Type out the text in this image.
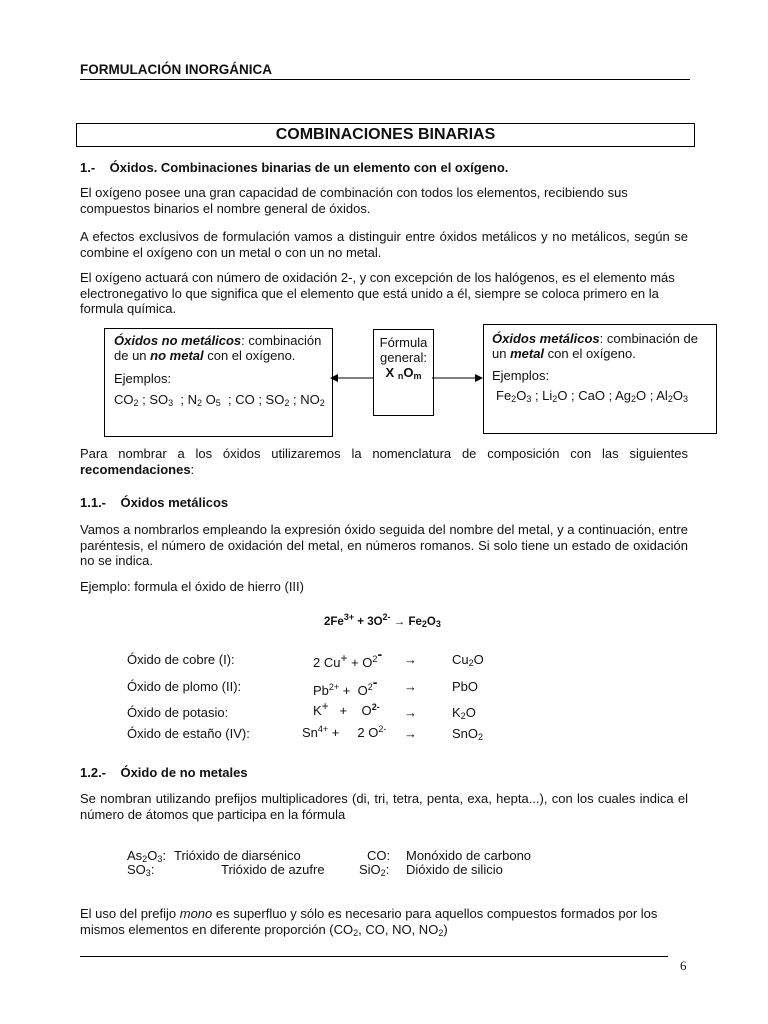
FORMULACIÓN INORGÁNICA
COMBINACIONES BINARIAS
1.- Óxidos. Combinaciones binarias de un elemento con el oxígeno.
El oxígeno posee una gran capacidad de combinación con todos los elementos, recibiendo sus compuestos binarios el nombre general de óxidos.
A efectos exclusivos de formulación vamos a distinguir entre óxidos metálicos y no metálicos, según se combine el oxígeno con un metal o con un no metal.
El oxígeno actuará con número de oxidación 2-, y con excepción de los halógenos, es el elemento más electronegativo lo que significa que el elemento que está unido a él, siempre se coloca primero en la formula química.
Óxidos no metálicos: combinación de un no metal con el oxígeno.
Ejemplos:
$CO_2$ ; $SO_3$  ; $N_2$ $O_5$  ; CO ; $SO_2$ ; $NO_2$
Fórmula
general:
X $_nO_m$
Óxidos metálicos: combinación de un metal con el oxígeno.
Ejemplos:
$Fe_2O_3$ ; $Li_2O$ ; CaO ; $Ag_2O$ ; $Al_2O_3$
Para nombrar a los óxidos utilizaremos la nomenclatura de composición con las siguientes recomendaciones:
1.1.- Óxidos metálicos
Vamos a nombrarlos empleando la expresión óxido seguida del nombre del metal, y a continuación, entre paréntesis, el número de oxidación del metal, en números romanos. Si solo tiene un estado de oxidación no se indica.
Ejemplo: formula el óxido de hierro (III)
$2Fe^{3+} + 3O^{2-} \to Fe_2O_3$
Óxido de cobre (I):	2 $Cu^+ + O^{2-}$ →	$Cu_2O$
Óxido de plomo (II):	$Pb^{2+} + O^{2-}$ →	PbO
Óxido de potasio:	K+   +    $O^{2-}$ →	$K_2O$
Óxido de estaño (IV):	$Sn^{4+}$ +     2 $O^{2-}$ →	SnO$_2$
1.2.- Óxido de no metales
Se nombran utilizando prefijos multiplicadores (di, tri, tetra, penta, exa, hepta...), con los cuales indica el número de átomos que participa en la fórmula
$As_2O_3$: Trióxido de diarsénico	CO: Monóxido de carbono
$SO_3$:	Trióxido de azufre	SiO$_2$: Dióxido de silicio
El uso del prefijo mono es superfluo y sólo es necesario para aquellos compuestos formados por los mismos elementos en diferente proporción ($CO_2$, CO, NO, $NO_2$)
6
